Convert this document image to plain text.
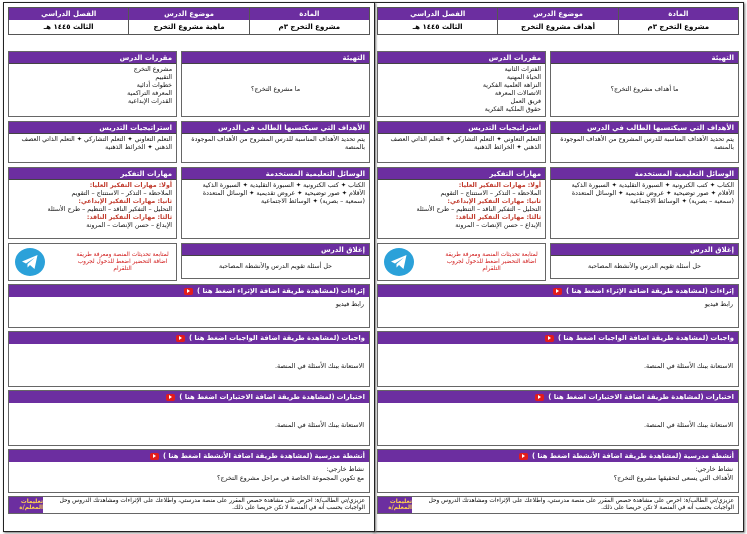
المادة
مشروع التخرج ٣م
موضوع الدرس
أهداف مشروع التخرج
الفصل الدراسي
الثالث ١٤٤٥ هـ
التهيئة
ما أهداف مشروع التخرج؟
الأهداف التي سيكتسبها الطالب في الدرس
يتم تحديد الأهداف المناسبة للدرس المشروح من الأهداف الموجودة بالمنصة
الوسائل التعليمية المستخدمة
الكتاب ✦ كتب الكترونية ✦ السبورة التقليدية ✦ السبورة الذكية الأقلام ✦ صور توضيحية ✦ عروض تقديمية ✦ الوسائل المتعددة (سمعية – بصرية) ✦ الوسائط الاجتماعية
إغلاق الدرس
حل أسئلة تقويم الدرس والأنشطة المصاحبة
مقررات الدرس
الفترات الثانية
الحياة المهنية
النزاهة العلمية الفكرية
الاتصالات المعرفة
فريق العمل
حقوق الملكية الفكرية
استراتيجيات التدريس
التعلم التعاوني ✦ التعلم التشاركي ✦ التعلم الذاتي العصف الذهني ✦ الخرائط الذهنية
مهارات التفكير
أولا: مهارات التفكير العليا:
الملاحظة – التذكر – الاستنتاج – التقويم
ثانيا: مهارات التفكير الإبداعي:
التحليل – التفكير الناقد – التنظيم – طرح الأسئلة
ثالثا: مهارات التفكير الناقد:
الإبداع – حسن الإنصات – المرونة
لمتابعة تحديثات المنصة ومعرفة طريقة اضافة التحضير اضغط للدخول لجروب التلقرام
إثراءات
(لمشاهدة طريقة اضافة الإثراء اضغط هنا )
رابط فيديو
واجبات
(لمشاهدة طريقة اضافة الواجبات اضغط هنا )
الاستعانة ببنك الأسئلة في المنصة.
اختبارات
(لمشاهدة طريقة اضافة الاختبارات اضغط هنا )
الاستعانة ببنك الأسئلة في المنصة.
أنشطة مدرسية
(لمشاهدة طريقة اضافة الأنشطة اضغط هنا )
نشاط خارجي:
الأهداف التي يسعى لتحقيقها مشروع التخرج؟
تعليمات المعلم/ة
عزيزي/تي الطالب/ة: احرص على مشاهدة حصص المقرر على منصة مدرستي، واطلاعك على الإثراءات ومشاهدتك الدروس وحل الواجبات بحسب أنه في المنصة لا تكن حريصا على ذلك.
المادة
مشروع التخرج ٣م
موضوع الدرس
ماهية مشروع التخرج
الفصل الدراسي
الثالث ١٤٤٥ هـ
التهيئة
ما مشروع التخرج؟
الأهداف التي سيكتسبها الطالب في الدرس
يتم تحديد الأهداف المناسبة للدرس المشروح من الأهداف الموجودة بالمنصة
الوسائل التعليمية المستخدمة
الكتاب ✦ كتب الكترونية ✦ السبورة التقليدية ✦ السبورة الذكية الأقلام ✦ صور توضيحية ✦ عروض تقديمية ✦ الوسائل المتعددة (سمعية – بصرية) ✦ الوسائط الاجتماعية
إغلاق الدرس
حل أسئلة تقويم الدرس والأنشطة المصاحبة
مقررات الدرس
مشروع التخرج
التقييم
خطوات أدائية
المعرفة التراكمية
القدرات الإبداعية
استراتيجيات التدريس
التعلم التعاوني ✦ التعلم التشاركي ✦ التعلم الذاتي العصف الذهني ✦ الخرائط الذهنية
مهارات التفكير
أولا: مهارات التفكير العليا:
الملاحظة – التذكر – الاستنتاج – التقويم
ثانيا: مهارات التفكير الإبداعي:
التحليل – التفكير الناقد – التنظيم – طرح الأسئلة
ثالثا: مهارات التفكير الناقد:
الإبداع – حسن الإنصات – المرونة
لمتابعة تحديثات المنصة ومعرفة طريقة اضافة التحضير اضغط للدخول لجروب التلقرام
إثراءات
(لمشاهدة طريقة اضافة الإثراء اضغط هنا )
رابط فيديو
واجبات
(لمشاهدة طريقة اضافة الواجبات اضغط هنا )
الاستعانة ببنك الأسئلة في المنصة.
اختبارات
(لمشاهدة طريقة اضافة الاختبارات اضغط هنا )
الاستعانة ببنك الأسئلة في المنصة.
أنشطة مدرسية
(لمشاهدة طريقة اضافة الأنشطة اضغط هنا )
نشاط خارجي:
مع تكوين المجموعة الخاصة في مراحل مشروع التخرج؟
تعليمات المعلم/ة
عزيزي/تي الطالب/ة: احرص على مشاهدة حصص المقرر على منصة مدرستي، واطلاعك على الإثراءات ومشاهدتك الدروس وحل الواجبات بحسب أنه في المنصة لا تكن حريصا على ذلك.
